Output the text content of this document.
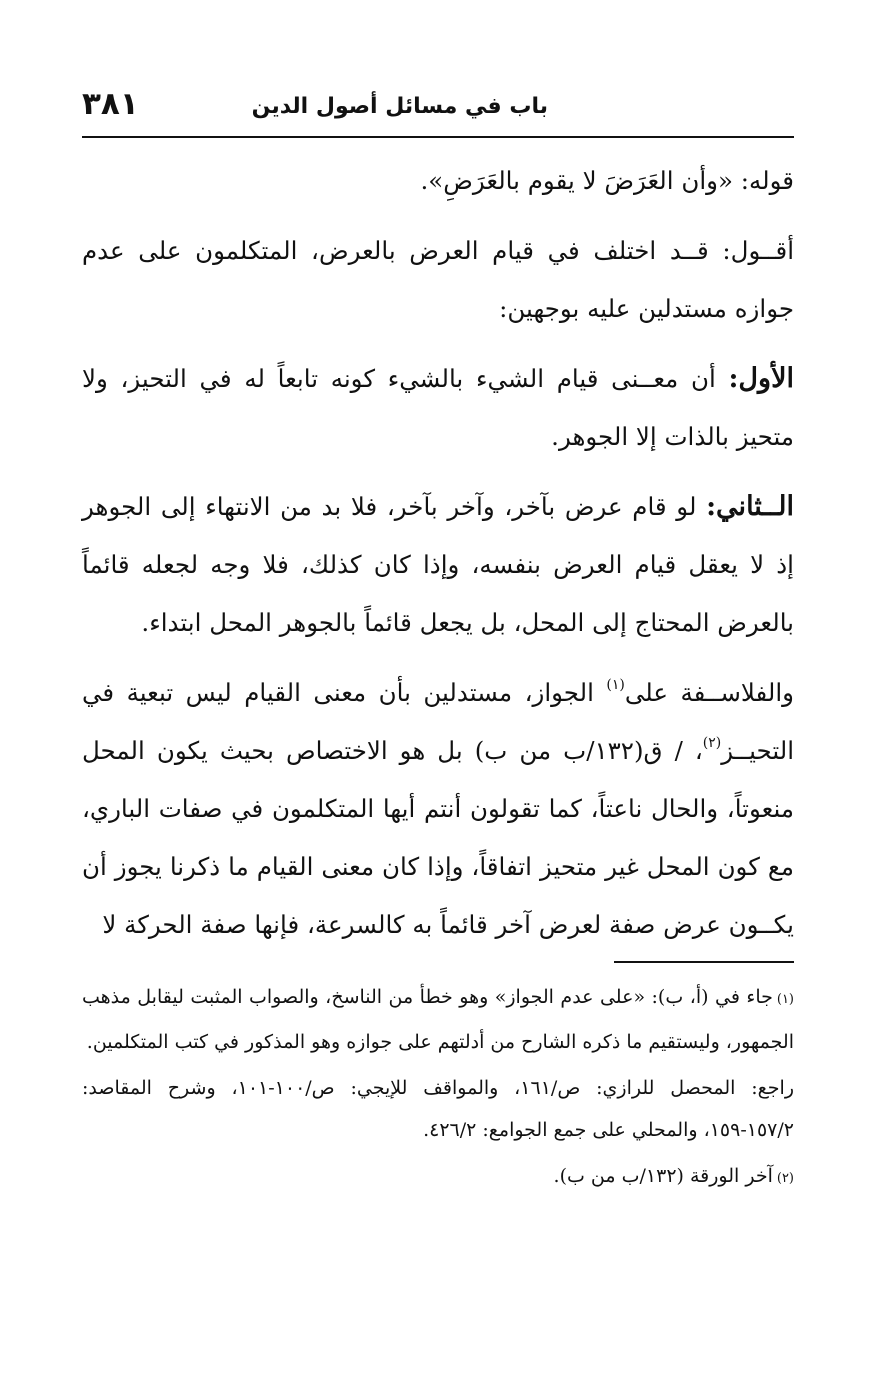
باب في مسائل أصول الدين
٣٨١

قوله: «وأن العَرَضَ لا يقوم بالعَرَضِ».

أقــول: قــد اختلف في قيام العرض بالعرض، المتكلمون على عدم جوازه مستدلين عليه بوجهين:

الأول: أن معــنى قيام الشيء بالشيء كونه تابعاً له في التحيز، ولا متحيز بالذات إلا الجوهر.

الــثاني: لو قام عرض بآخر، وآخر بآخر، فلا بد من الانتهاء إلى الجوهر إذ لا يعقل قيام العرض بنفسه، وإذا كان كذلك، فلا وجه لجعله قائماً بالعرض المحتاج إلى المحل، بل يجعل قائماً بالجوهر المحل ابتداء.

والفلاســفة على$^{(١)}$ الجواز، مستدلين بأن معنى القيام ليس تبعية في التحيــز$^{(٢)}$، / ق(١٣٢/ب من ب) بل هو الاختصاص بحيث يكون المحل منعوتاً، والحال ناعتاً، كما تقولون أنتم أيها المتكلمون في صفات الباري، مع كون المحل غير متحيز اتفاقاً، وإذا كان معنى القيام ما ذكرنا يجوز أن يكــون عرض صفة لعرض آخر قائماً به كالسرعة، فإنها صفة الحركة لا

(١)جاء في (أ، ب): «على عدم الجواز» وهو خطأ من الناسخ، والصواب المثبت ليقابل مذهب الجمهور، وليستقيم ما ذكره الشارح من أدلتهم على جوازه وهو المذكور في كتب المتكلمين.

راجع: المحصل للرازي: ص/١٦١، والمواقف للإيجي: ص/١٠٠-١٠١، وشرح المقاصد: ١٥٧/٢-١٥٩، والمحلي على جمع الجوامع: ٤٢٦/٢.

(٢)آخر الورقة (١٣٢/ب من ب).
